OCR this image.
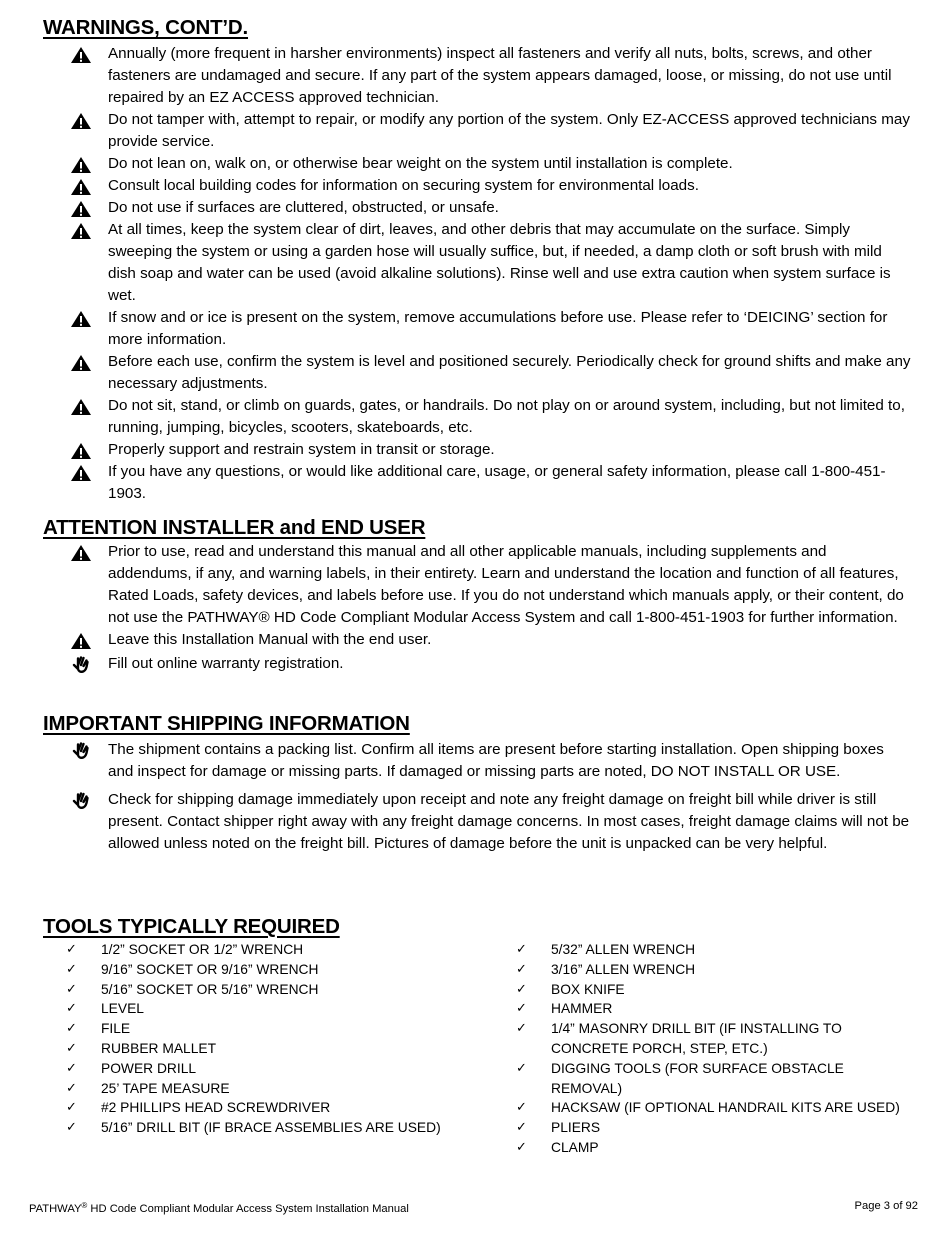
WARNINGS, CONT’D.
Annually (more frequent in harsher environments) inspect all fasteners and verify all nuts, bolts, screws, and other fasteners are undamaged and secure. If any part of the system appears damaged, loose, or missing, do not use until repaired by an EZ ACCESS approved technician.
Do not tamper with, attempt to repair, or modify any portion of the system. Only EZ-ACCESS approved technicians may provide service.
Do not lean on, walk on, or otherwise bear weight on the system until installation is complete.
Consult local building codes for information on securing system for environmental loads.
Do not use if surfaces are cluttered, obstructed, or unsafe.
At all times, keep the system clear of dirt, leaves, and other debris that may accumulate on the surface. Simply sweeping the system or using a garden hose will usually suffice, but, if needed, a damp cloth or soft brush with mild dish soap and water can be used (avoid alkaline solutions). Rinse well and use extra caution when system surface is wet.
If snow and or ice is present on the system, remove accumulations before use. Please refer to ‘DEICING’ section for more information.
Before each use, confirm the system is level and positioned securely. Periodically check for ground shifts and make any necessary adjustments.
Do not sit, stand, or climb on guards, gates, or handrails. Do not play on or around system, including, but not limited to, running, jumping, bicycles, scooters, skateboards, etc.
Properly support and restrain system in transit or storage.
If you have any questions, or would like additional care, usage, or general safety information, please call 1-800-451-1903.
ATTENTION INSTALLER and END USER
Prior to use, read and understand this manual and all other applicable manuals, including supplements and addendums, if any, and warning labels, in their entirety. Learn and understand the location and function of all features, Rated Loads, safety devices, and labels before use. If you do not understand which manuals apply, or their content, do not use the PATHWAY® HD Code Compliant Modular Access System and call 1-800-451-1903 for further information.
Leave this Installation Manual with the end user.
Fill out online warranty registration.
IMPORTANT SHIPPING INFORMATION
The shipment contains a packing list. Confirm all items are present before starting installation. Open shipping boxes and inspect for damage or missing parts. If damaged or missing parts are noted, DO NOT INSTALL OR USE.
Check for shipping damage immediately upon receipt and note any freight damage on freight bill while driver is still present. Contact shipper right away with any freight damage concerns. In most cases, freight damage claims will not be allowed unless noted on the freight bill. Pictures of damage before the unit is unpacked can be very helpful.
TOOLS TYPICALLY REQUIRED
✓ 1/2” SOCKET OR 1/2” WRENCH
✓ 9/16” SOCKET OR 9/16” WRENCH
✓ 5/16” SOCKET OR 5/16” WRENCH
✓ LEVEL
✓ FILE
✓ RUBBER MALLET
✓ POWER DRILL
✓ 25’ TAPE MEASURE
✓ #2 PHILLIPS HEAD SCREWDRIVER
✓ 5/16” DRILL BIT (IF BRACE ASSEMBLIES ARE USED)
✓ 5/32” ALLEN WRENCH
✓ 3/16” ALLEN WRENCH
✓ BOX KNIFE
✓ HAMMER
✓ 1/4” MASONRY DRILL BIT (IF INSTALLING TO CONCRETE PORCH, STEP, ETC.)
✓ DIGGING TOOLS (FOR SURFACE OBSTACLE REMOVAL)
✓ HACKSAW (IF OPTIONAL HANDRAIL KITS ARE USED)
✓ PLIERS
✓ CLAMP
PATHWAY® HD Code Compliant Modular Access System Installation Manual	Page 3 of 92
